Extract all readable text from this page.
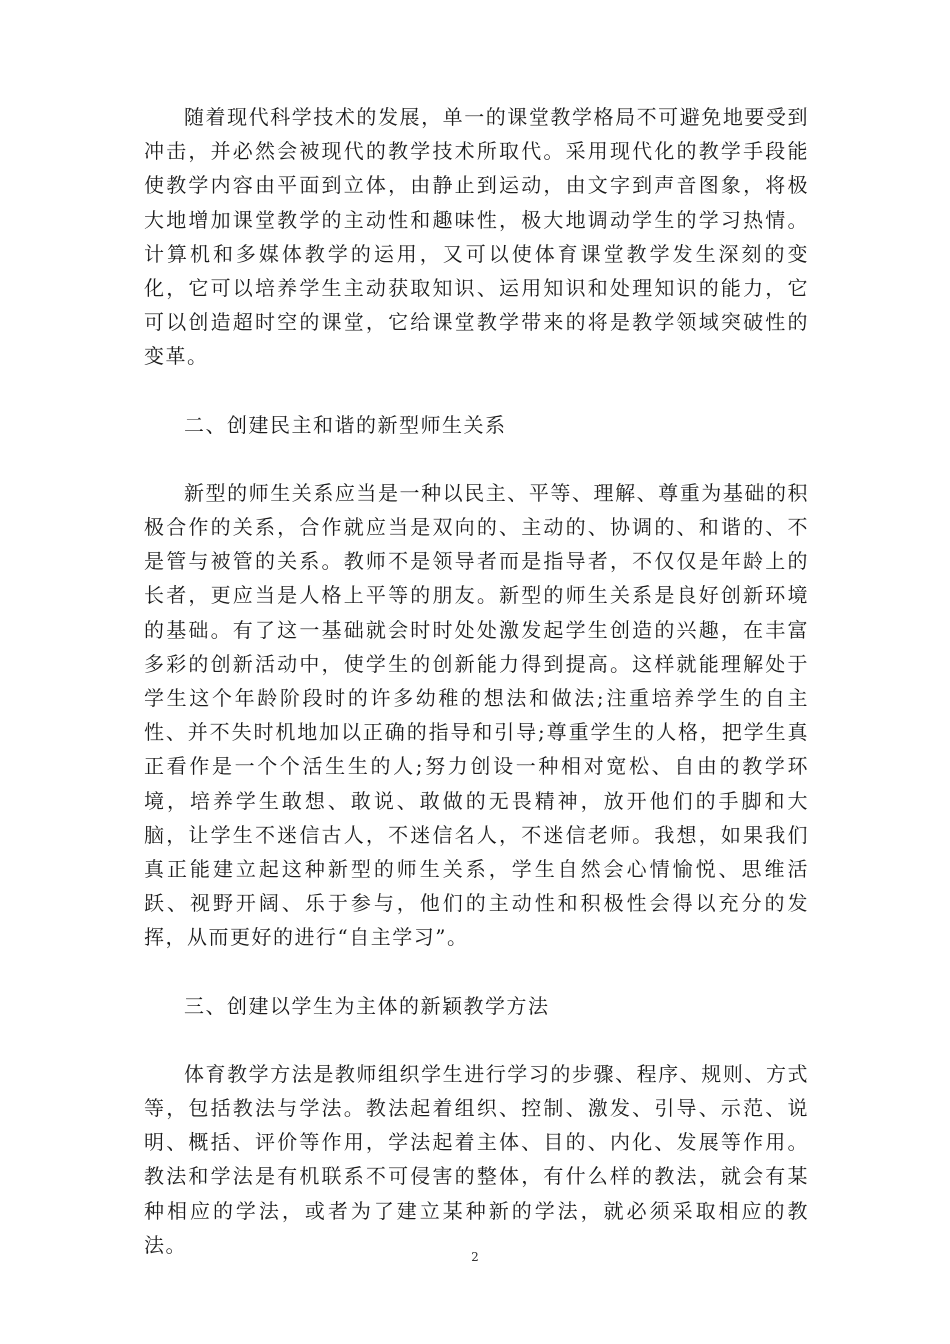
随着现代科学技术的发展，单一的课堂教学格局不可避免地要受到冲击，并必然会被现代的教学技术所取代。采用现代化的教学手段能使教学内容由平面到立体，由静止到运动，由文字到声音图象，将极大地增加课堂教学的主动性和趣味性，极大地调动学生的学习热情。计算机和多媒体教学的运用，又可以使体育课堂教学发生深刻的变化，它可以培养学生主动获取知识、运用知识和处理知识的能力，它可以创造超时空的课堂，它给课堂教学带来的将是教学领域突破性的变革。

二、创建民主和谐的新型师生关系

新型的师生关系应当是一种以民主、平等、理解、尊重为基础的积极合作的关系，合作就应当是双向的、主动的、协调的、和谐的、不是管与被管的关系。教师不是领导者而是指导者，不仅仅是年龄上的长者，更应当是人格上平等的朋友。新型的师生关系是良好创新环境的基础。有了这一基础就会时时处处激发起学生创造的兴趣，在丰富多彩的创新活动中，使学生的创新能力得到提高。这样就能理解处于学生这个年龄阶段时的许多幼稚的想法和做法;注重培养学生的自主性、并不失时机地加以正确的指导和引导;尊重学生的人格，把学生真正看作是一个个活生生的人;努力创设一种相对宽松、自由的教学环境，培养学生敢想、敢说、敢做的无畏精神，放开他们的手脚和大脑，让学生不迷信古人，不迷信名人，不迷信老师。我想，如果我们真正能建立起这种新型的师生关系，学生自然会心情愉悦、思维活跃、视野开阔、乐于参与，他们的主动性和积极性会得以充分的发挥，从而更好的进行“自主学习”。

三、创建以学生为主体的新颖教学方法

体育教学方法是教师组织学生进行学习的步骤、程序、规则、方式等，包括教法与学法。教法起着组织、控制、激发、引导、示范、说明、概括、评价等作用，学法起着主体、目的、内化、发展等作用。教法和学法是有机联系不可侵害的整体，有什么样的教法，就会有某种相应的学法，或者为了建立某种新的学法，就必须采取相应的教法。

2
